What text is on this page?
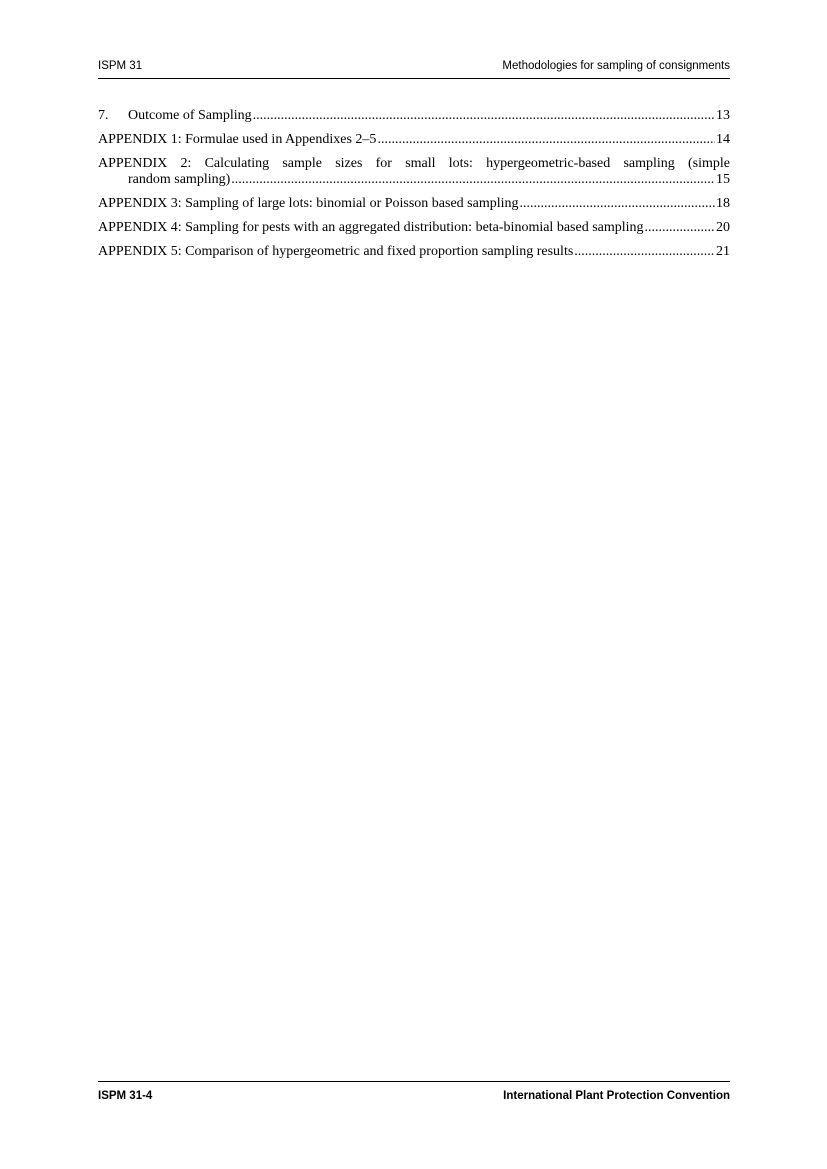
ISPM 31	Methodologies for sampling of consignments
7.	Outcome of Sampling .....	13
APPENDIX 1: Formulae used in Appendixes 2–5 .....	14
APPENDIX 2: Calculating sample sizes for small lots: hypergeometric-based sampling (simple
random sampling) .....	15
APPENDIX 3: Sampling of large lots: binomial or Poisson based sampling .....	18
APPENDIX 4: Sampling for pests with an aggregated distribution: beta-binomial based sampling .....	20
APPENDIX 5: Comparison of hypergeometric and fixed proportion sampling results .....	21
ISPM 31-4	International Plant Protection Convention
